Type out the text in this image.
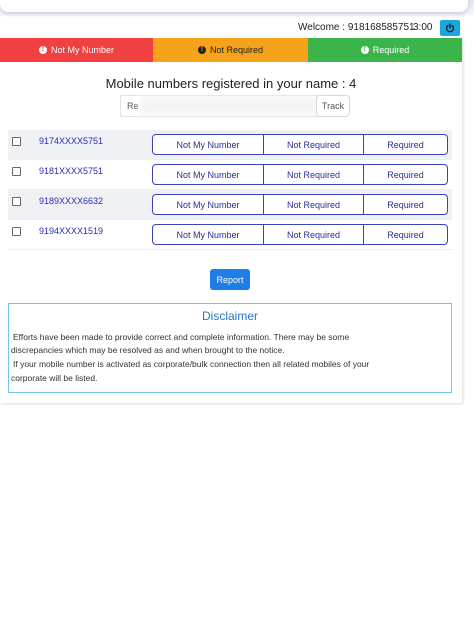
Welcome : 918168585751
3:00
! Not My Number	! Not Required	! Required
Mobile numbers registered in your name : 4
Re
Track
9174XXXX5751	Not My Number	Not Required	Required
9181XXXX5751	Not My Number	Not Required	Required
9189XXXX6632	Not My Number	Not Required	Required
9194XXXX1519	Not My Number	Not Required	Required
Report
Disclaimer
Efforts have been made to provide correct and complete information. There may be some
discrepancies which may be resolved as and when brought to the notice.
If your mobile number is activated as corporate/bulk connection then all related mobiles of your
corporate will be listed.
